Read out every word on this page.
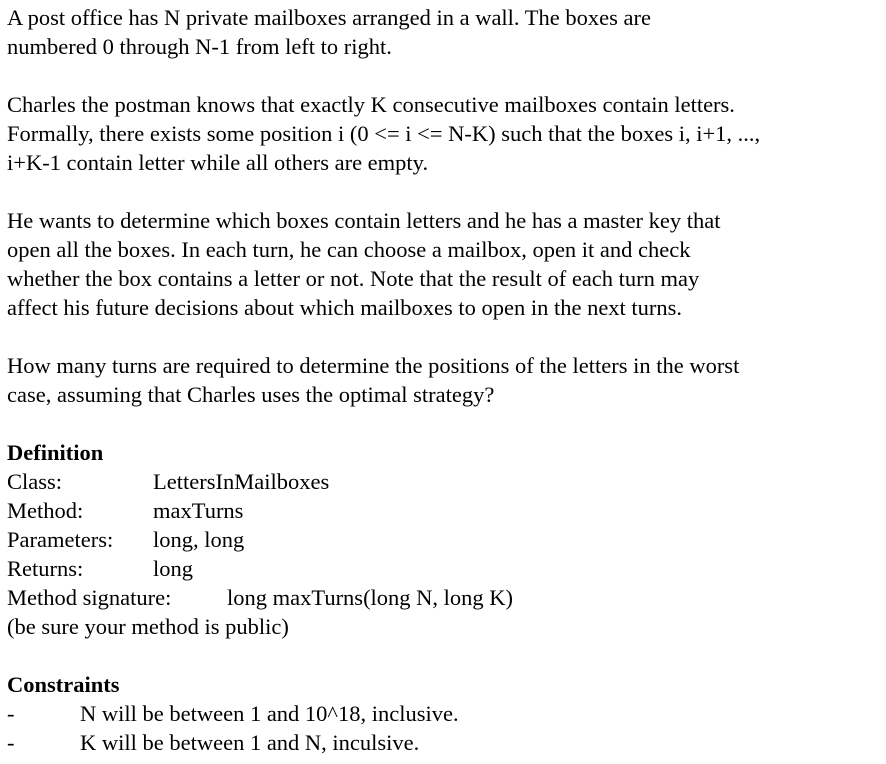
A post office has N private mailboxes arranged in a wall. The boxes are

numbered 0 through N-1 from left to right.

Charles the postman knows that exactly K consecutive mailboxes contain letters.

Formally, there exists some position i (0 <= i <= N-K) such that the boxes i, i+1, ...,

i+K-1 contain letter while all others are empty.

He wants to determine which boxes contain letters and he has a master key that

open all the boxes. In each turn, he can choose a mailbox, open it and check

whether the box contains a letter or not. Note that the result of each turn may

affect his future decisions about which mailboxes to open in the next turns.

How many turns are required to determine the positions of the letters in the worst

case, assuming that Charles uses the optimal strategy?

Definition

Class:	LettersInMailboxes
Method:	maxTurns
Parameters:	long, long
Returns:	long
Method signature:	long maxTurns(long N, long K)

(be sure your method is public)

Constraints

-	N will be between 1 and 10^18, inclusive.
-	K will be between 1 and N, inculsive.
